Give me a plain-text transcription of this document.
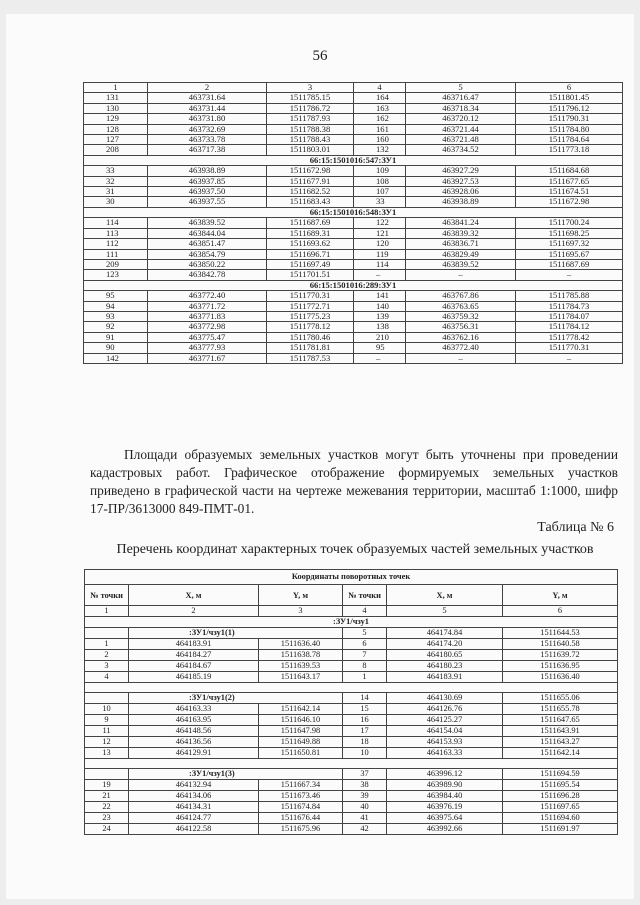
56
1	2	3	4	5	6
131	463731.64	1511785.15	164	463716.47	1511801.45
130	463731.44	1511786.72	163	463718.34	1511796.12
129	463731.80	1511787.93	162	463720.12	1511790.31
128	463732.69	1511788.38	161	463721.44	1511784.80
127	463733.78	1511788.43	160	463721.48	1511784.64
208	463717.38	1511803.01	132	463734.52	1511773.18
66:15:1501016:547:ЗУ1					
33	463938.89	1511672.98	109	463927.29	1511684.68
32	463937.85	1511677.91	108	463927.53	1511677.65
31	463937.50	1511682.52	107	463928.06	1511674.51
30	463937.55	1511683.43	33	463938.89	1511672.98
66:15:1501016:548:ЗУ1					
114	463839.52	1511687.69	122	463841.24	1511700.24
113	463844.04	1511689.31	121	463839.32	1511698.25
112	463851.47	1511693.62	120	463836.71	1511697.32
111	463854.79	1511696.71	119	463829.49	1511695.67
209	463850.22	1511697.49	114	463839.52	1511687.69
123	463842.78	1511701.51	–	–	–
66:15:1501016:289:ЗУ1					
95	463772.40	1511770.31	141	463767.86	1511785.88
94	463771.72	1511772.71	140	463763.65	1511784.73
93	463771.83	1511775.23	139	463759.32	1511784.07
92	463772.98	1511778.12	138	463756.31	1511784.12
91	463775.47	1511780.46	210	463762.16	1511778.42
90	463777.93	1511781.81	95	463772.40	1511770.31
142	463771.67	1511787.53	–	–	–

Площади образуемых земельных участков могут быть уточнены при проведении кадастровых работ. Графическое отображение формируемых земельных участков приведено в графической части на чертеже межевания территории, масштаб 1:1000, шифр 17-ПР/3613000 849-ПМТ-01.

Таблица № 6
Перечень координат характерных точек образуемых частей земельных участков
Координаты поворотных точек					
№ точки	X, м	Y, м	№ точки	X, м	Y, м
1	2	3	4	5	6
:ЗУ1/чзу1					
	:ЗУ1/чзу1(1)		5	464174.84	1511644.53
1	464183.91	1511636.40	6	464174.20	1511640.58
2	464184.27	1511638.78	7	464180.65	1511639.72
3	464184.67	1511639.53	8	464180.23	1511636.95
4	464185.19	1511643.17	1	464183.91	1511636.40

	:ЗУ1/чзу1(2)		14	464130.69	1511655.06
10	464163.33	1511642.14	15	464126.76	1511655.78
9	464163.95	1511646.10	16	464125.27	1511647.65
11	464148.56	1511647.98	17	464154.04	1511643.91
12	464136.56	1511649.88	18	464153.93	1511643.27
13	464129.91	1511650.81	10	464163.33	1511642.14

	:ЗУ1/чзу1(3)		37	463996.12	1511694.59
19	464132.94	1511667.34	38	463989.90	1511695.54
21	464134.06	1511673.46	39	463984.40	1511696.28
22	464134.31	1511674.84	40	463976.19	1511697.65
23	464124.77	1511676.44	41	463975.64	1511694.60
24	464122.58	1511675.96	42	463992.66	1511691.97
